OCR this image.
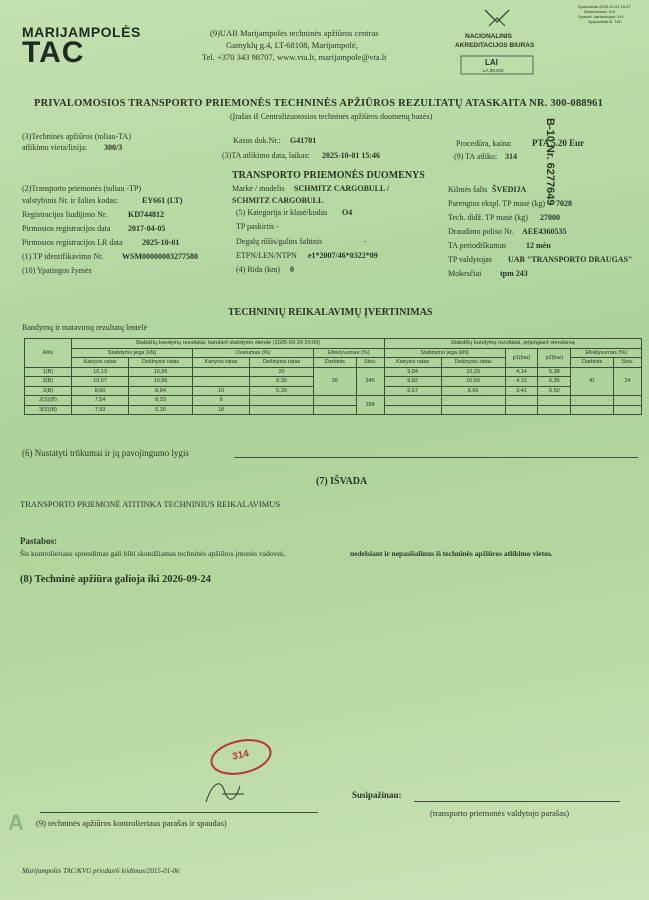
MARIJAMPOLĖS
TAC
(9)UAB Marijampolės techninės apžiūros centras
Gamyklų g.4, LT-68108, Marijampolė,
Tel. +370 343 98707, www.vta.lt, marijampole@vta.lt
NACIONALINIS
AKREDITACIJOS BIURAS
LAI
LA.08.003
Spausdinta 2025-10-01 15:47
Dokumentas: 314
Spausd. darbuotojas: 314
Spausdinta iš: TAC
B-10 Nr. 6277649
PRIVALOMOSIOS TRANSPORTO PRIEMONĖS TECHNINĖS APŽIŪROS REZULTATŲ ATASKAITA NR. 300-088961
(Įrašas iš Centralizuotosios techninės apžiūros duomenų bazės)
(3)Techninės apžiūros (toliau-TA)
atlikimo vieta/linija: 300/3
Kasos dok.Nr.: G41701
(3)TA atlikimo data, laikas: 2025-10-01 15:46
Procedūra, kaina: PTA 5.20 Eur
(9) TA atliko: 314
TRANSPORTO PRIEMONĖS DUOMENYS
(2)Transporto priemonės (toliau -TP)
valstybinis Nr. ir šalies kodas:	EY661 (LT)
Registracijos liudijimo Nr.	KD744812
Pirmosios registracijos data 2017-04-05
Pirmosios registracijos LR data 2025-10-01
(1) TP identifikavimo Nr. WSM00000003277580
(10) Ypatingos žymės
Markė / modelis SCHMITZ CARGOBULL /
SCHMITZ CARGOBULL
(5) Kategorija ir klasė/kodas O4
TP paskirtis -
Degalų rūšis/galios šaltinis	-
ETPN/LEN/NTPN e1*2007/46*0322*09
(4) Rida (km) 0
Kilmės šalis ŠVEDIJA
Parengtos ekspl. TP masė (kg) 7028
Tech. didž. TP masė (kg) 27000
Draudimo poliso Nr. AEE4360535
TA periodiškumas 12 mėn
TP valdytojas UAB "TRANSPORTO DRAUGAS"
Mokesčiai tpm 243
TECHNINIŲ REIKALAVIMŲ ĮVERTINIMAS
Bandymų ir matavimų rezultatų lentelė
Ašis	Stabdžių bandymų rezultatai, bandant stabdymo stende (2025-09-29 20:00)						Stabdžių bandymų rezultatai, prijungiant stendarną					
	Stabdymo jėga (kN)		Ovalumas (%)		Efektyvumas (%)		Stabdymo jėga (kN)		p1(bar)	p2(bar)	Efektyvumas (%)	
	Kairysis ratas	Dešinysis ratas	Kairysis ratas	Dešinysis ratas	Darbinis	Stov.	Kairysis ratas	Dešinysis ratas			Darbinis	Stov.
1(B)	10,13	10,95		20	26	345	9,84	10,25	4,14	5,38	41	24
2(B)	10,67	10,96		9,30			9,82	10,65	4,12	6,36		
3(B)	8,60	8,84	10	5,30			9,57	8,66	3,41	6,50		
2(S)(B)	7,54	8,33	9			354						
3(S)(B)	7,93	6,30	18									
(6) Nustatyti trūkumai ir jų pavojingumo lygis
(7) IŠVADA
TRANSPORTO PRIEMONĖ ATITINKA TECHNINIUS REIKALAVIMUS
Pastabos:
Šis kontrolieriaus sprendimas gali būti skundžiamas techninės apžiūros įmonės vadovui,	nedelsiant ir nepasišalinus iš techninės apžiūros atlikimo vietos.
(8) Techninė apžiūra galioja iki 2026-09-24
314
(9) techninės apžiūros kontrolieriaus parašas ir spaudas)
Susipažinau:
(transporto priemonės valdytojo parašas)
Marijampolės TAC/KVG priedas/6 leidimas/2015-01-06
A
